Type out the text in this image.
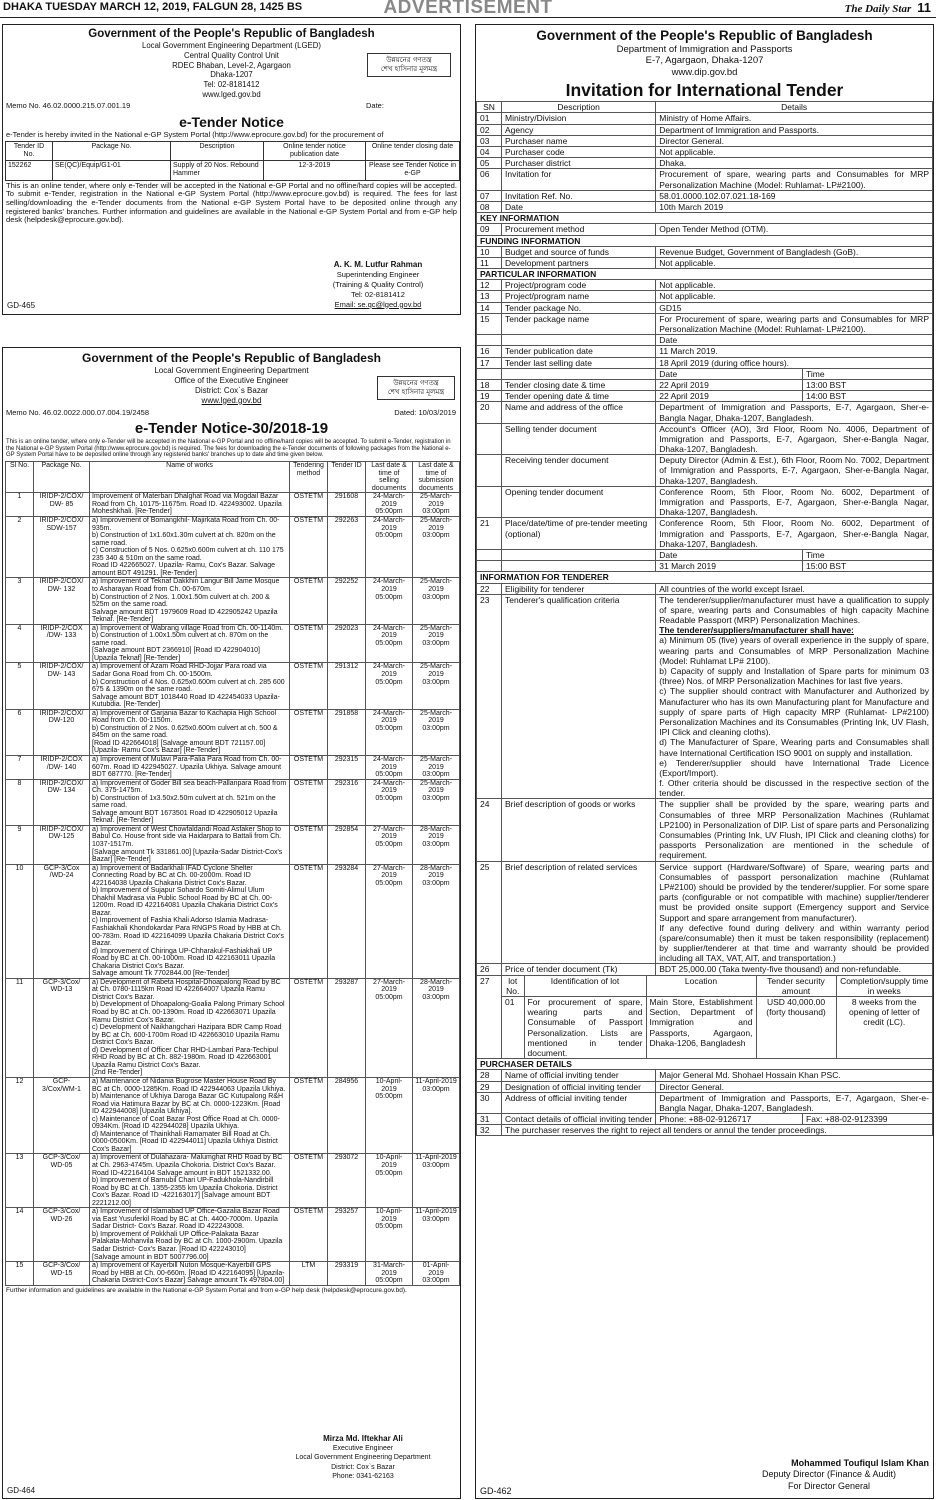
DHAKA TUESDAY MARCH 12, 2019, FALGUN 28, 1425 BS	ADVERTISEMENT	The Daily Star 11
Government of the People's Republic of Bangladesh
Local Government Engineering Department (LGED)
Central Quality Control Unit
RDEC Bhaban, Level-2, Agargaon
Dhaka-1207
Tel: 02-8181412
www.lged.gov.bd
উন্নয়নের গণতন্ত্র
শেখ হাসিনার মূলমন্ত্র
Memo No. 46.02.0000.215.07.001.19	Date:
e-Tender Notice
e-Tender is hereby invited in the National e-GP System Portal (http://www.eprocure.gov.bd) for the procurement of
Tender ID No.	Package No.	Description	Online tender notice publication date	Online tender closing date
152262	SE(QC)/Equip/G1-01	Supply of 20 Nos. Rebound Hammer	12-3-2019	Please see Tender Notice in e-GP
This is an online tender, where only e-Tender will be accepted in the National e-GP Portal and no offline/hard copies will be accepted. To submit e-Tender, registration in the National e-GP System Portal (http://www.eprocure.gov.bd) is required. The fees for last selling/downloading the e-Tender documents from the National e-GP System Portal have to be deposited online through any registered banks' branches. Further information and guidelines are available in the National e-GP System Portal and from e-GP help desk (helpdesk@eprocure.gov.bd).
A. K. M. Lutfur Rahman
Superintending Engineer
(Training & Quality Control)
Tel: 02-8181412
Email: se.qc@lged.gov.bd
GD-465
Government of the People's Republic of Bangladesh
Local Government Engineering Department
Office of the Executive Engineer
District: Cox`s Bazar
www.lged.gov.bd
উন্নয়নের গণতন্ত্র
শেখ হাসিনার মূলমন্ত্র
Memo No. 46.02.0022.000.07.004.19/2458	Dated: 10/03/2019
e-Tender Notice-30/2018-19
This is an online tender, where only e-Tender will be accepted in the National e-GP Portal and no offline/hard copies will be accepted. To submit e-Tender, registration in the National e-GP System Portal (http://www.eprocure.gov.bd) is required. The fees for downloading the e-Tender documents of following packages from the National e-GP System Portal have to be deposited online through any registered banks' branches up to date and time given below.
Sl No.	Package No.	Name of works	Tendering method	Tender ID	Last date & time of selling documents	Last date & time of submission documents
1	IRIDP-2/COX/ DW- 85	Improvement of Materbari Dhalghat Road via Mogdail Bazar Road from Ch. 10175-11675m. Road ID. 422493002. Upazila Moheshkhali. [Re-Tender]	OSTETM	291608	24-March-2019 05:00pm	25-March-2019 03:00pm
2	IRIDP-2/COX/ SDW-157	a) Improvement of Bomangkhil- Majirkata Road from Ch. 00-935m.
b) Construction of 1x1.60x1.30m culvert at ch. 820m on the same road.
c) Construction of 5 Nos. 0.625x0.600m culvert at ch. 110 175 235 340 & 510m on the same road.
Road ID 422665027. Upazila- Ramu, Cox's Bazar. Salvage amount BDT 491291. [Re-Tender]	OSTETM	292263	24-March-2019 05:00pm	25-March-2019 03:00pm
3	IRIDP-2/COX/ DW- 132	a) Improvement of Teknaf Dakkhin Langur Bill Jame Mosque to Asharayan Road from Ch. 00-670m.
b) Construction of 2 Nos. 1.00x1.50m culvert at ch. 200 & 525m on the same road.
Salvage amount BDT 1979609 Road ID 422905242 Upazila Teknaf. [Re-Tender]	OSTETM	292252	24-March-2019 05:00pm	25-March-2019 03:00pm
4	IRIDP-2/COX /DW- 133	a) Improvement of Wabrang village Road from Ch. 00-1140m.
b) Construction of 1.00x1.50m culvert at ch. 870m on the same road.
[Salvage amount BDT 2366910] [Road ID 422904010] [Upazila Teknaf] [Re-Tender]	OSTETM	292023	24-March-2019 05:00pm	25-March-2019 03:00pm
5	IRIDP-2/COX/ DW- 143	a) Improvement of Azam Road RHD-Jojjar Para road via Sadar Gona Road from Ch. 00-1500m.
b) Construction of 4 Nos. 0.625x0.600m culvert at ch. 285 600 675 & 1390m on the same road.
Salvage amount BDT 1018440 Road ID 422454033 Upazila-Kutubdia. [Re-Tender]	OSTETM	291312	24-March-2019 05:00pm	25-March-2019 03:00pm
6	IRIDP-2/COX/ DW-120	a) Improvement of Garjania Bazar to Kachapia High School Road from Ch. 00-1150m.
b) Construction of 2 Nos. 0.625x0.600m culvert at ch. 500 & 845m on the same road.
[Road ID 422664018] [Salvage amount BDT 721157.00] [Upazila- Ramu Cox's Bazar] [Re-Tender]	OSTETM	291858	24-March-2019 05:00pm	25-March-2019 03:00pm
7	IRIDP-2/COX /DW- 140	a) Improvement of Mulavi Para-Falia Para Road from Ch. 00-607m. Road ID 422945027. Upazila Ukhiya. Salvage amount BDT 687770. [Re-Tender]	OSTETM	292315	24-March-2019 05:00pm	25-March-2019 03:00pm
8	IRIDP-2/COX/ DW- 134	a) Improvement of Goder Bill sea beach-Pallanpara Road from Ch. 375-1475m.
b) Construction of 1x3.50x2.50m culvert at ch. 521m on the same road.
Salvage amount BDT 1673501 Road ID 422905012 Upazila Teknaf. [Re-Tender]	OSTETM	292316	24-March-2019 05:00pm	25-March-2019 03:00pm
9	IRIDP-2/COX/ DW-125	a) Improvement of West Chowfaldandi Road Asfaker Shop to Babul Co. House front side via Haidarpara to Battali from Ch. 1037-1517m.
[Salvage amount Tk 331861.00] [Upazila-Sadar District-Cox's Bazar] [Re-Tender]	OSTETM	292854	27-March-2019 05:00pm	28-March-2019 03:00pm
10	GCP-3/Cox /WD-24	a) Improvement of Badarkhali IFAD Cyclone Shelter Connecting Road by BC at Ch. 00-2000m. Road ID 422164038 Upazila Chakaria District Cox's Bazar.
b) Improvement of Sujapur Sohardo Somiti-Alimul Ulum Dhakhil Madrasa via Public School Road by BC at Ch. 00-1200m. Road ID 422164081 Upazila Chakaria District Cox's Bazar.
c) Improvement of Fashia Khali Adorso Islamia Madrasa-Fashiakhali Khondokardar Para RNGPS Road by HBB at Ch. 00-783m. Road ID 422164099 Upazila Chakaria District Cox's Bazar.
d) Improvement of Chiringa UP-Chharakul-Fashiakhali UP Road by BC at Ch. 00-1000m. Road ID 422163011 Upazila Chakaria District Cox's Bazar.
Salvage amount Tk 7702844.00 [Re-Tender]	OSTETM	293284	27-March-2019 05:00pm	28-March-2019 03:00pm
11	GCP-3/Cox/ WD-13	a) Development of Rabeta Hospital-Dhoapalong Road by BC at Ch. 0780-1115km Road ID 422664007 Upazila Ramu District Cox's Bazar.
b) Development of Dhoapalong-Goalia Palong Primary School Road by BC at Ch. 00-1390m. Road ID 422663071 Upazila Ramu District Cox's Bazar.
c) Development of Naikhangchari Hazipara BDR Camp Road by BC at Ch. 600-1700m Road ID 422663010 Upazila Ramu District Cox's Bazar.
d) Development of Officer Char RHD-Lambari Para-Techipul RHD Road by BC at Ch. 882-1980m. Road ID 422663001 Upazila Ramu District Cox's Bazar.
[2nd Re-Tender]	OSTETM	293287	27-March-2019 05:00pm	28-March-2019 03:00pm
12	GCP-3/Cox/WM-1	a) Maintenance of Nidania Bugrose Master House Road By BC at Ch. 0000-1285Km. Road ID 422944063 Upazila Ukhiya.
b) Maintenance of Ukhiya Daroga Bazar GC Kutupalong R&H Road via Hatimura Bazar by BC at Ch. 0000-1223Km. [Road ID 422944008] [Upazila Ukhiya].
c) Maintenance of Coat Bazar Post Office Road at Ch. 0000-0934Km. [Road ID 422944028] Upazila Ukhiya.
d) Maintenance of Thainkhali Ramamater Bill Road at Ch. 0000-0500Km. [Road ID 422944011] Upazila Ukhiya District Cox's Bazar]	OSTETM	284956	10-April-2019 05:00pm	11-April-2019 03:00pm
13	GCP-3/Cox/ WD-05	a) Improvement of Dulahazara- Malumghat RHD Road by BC at Ch. 2963-4745m. Upazila Chokoria. District Cox's Bazar. Road ID-422164104 Salvage amount in BDT 1521332.00.
b) Improvement of Barnubil Chari UP-Fadukhola-Nandirbill Road by BC at Ch. 1355-2355 km Upazila Chokoria. District Cox's Bazar. Road ID -422163017] [Salvage amount BDT 2221212.00]	OSTETM	293072	10-April-2019 05:00pm	11-April-2019 03:00pm
14	GCP-3/Cox/ WD-26	a) Improvement of Islamabad UP Office-Gazalia Bazar Road via East Yusuferkil Road by BC at Ch. 4400-7000m. Upazila Sadar District- Cox's Bazar. Road ID 422243008.
b) Improvement of Pokkhali UP Office-Palakata Bazar Palakata-Mohanvila Road by BC at Ch. 1000-2900m. Upazila Sadar District- Cox's Bazar. [Road ID 422243010]
[Salvage amount in BDT 5007796.00]	OSTETM	293257	10-April-2019 05:00pm	11-April-2019 03:00pm
15	GCP-3/Cox/ WD-15	a) Improvement of Kayerbill Nuton Mosque-Kayerbill GPS Road by HBB at Ch. 00-660m. [Road ID 422164095] [Upazila-Chakaria District-Cox's Bazar] Salvage amount Tk 497804.00]	LTM	293319	31-March-2019 05:00pm	01-April-2019 03:00pm
Further information and guidelines are available in the National e-GP System Portal and from e-GP help desk (helpdesk@eprocure.gov.bd).
Mirza Md. Iftekhar Ali
Executive Engineer
Local Government Engineering Department
District: Cox`s Bazar
Phone: 0341-62163
GD-464
Government of the People's Republic of Bangladesh
Department of Immigration and Passports
E-7, Agargaon, Dhaka-1207
www.dip.gov.bd
Invitation for International Tender
SN	Description	Details
01	Ministry/Division	Ministry of Home Affairs.

02	Agency	Department of Immigration and Passports.

03	Purchaser name	Director General.

04	Purchaser code	Not applicable.

05	Purchaser district	Dhaka.

06	Invitation for	Procurement of spare, wearing parts and Consumables for MRP Personalization Machine (Model: Ruhlamat- LP#2100).

07	Invitation Ref. No.	58.01.0000.102.07.021.18-169

08	Date	10th March 2019

KEY INFORMATION
09	Procurement method	Open Tender Method (OTM).

FUNDING INFORMATION
10	Budget and source of funds	Revenue Budget, Government of Bangladesh (GoB).

11	Development partners	Not applicable.

PARTICULAR INFORMATION
12	Project/program code	Not applicable.

13	Project/program name	Not applicable.

14	Tender package No.	GD15

15	Tender package name	For Procurement of spare, wearing parts and Consumables for MRP Personalization Machine (Model: Ruhlamat- LP#2100).

Date

16	Tender publication date	11 March 2019.

17	Tender last selling date	18 April 2019 (during office hours).

		Date	Time
18	Tender closing date & time	22 April 2019	13:00 BST
19	Tender opening date & time	22 April 2019	14:00 BST
20	Name and address of the office	Department of Immigration and Passports, E-7, Agargaon, Sher-e-Bangla Nagar, Dhaka-1207, Bangladesh.

	Selling tender document	Account's Officer (AO), 3rd Floor, Room No. 4006, Department of Immigration and Passports, E-7, Agargaon, Sher-e-Bangla Nagar, Dhaka-1207, Bangladesh.

	Receiving tender document	Deputy Director (Admin & Est.), 6th Floor, Room No. 7002, Department of Immigration and Passports, E-7, Agargaon, Sher-e-Bangla Nagar, Dhaka-1207, Bangladesh.

	Opening tender document	Conference Room, 5th Floor, Room No. 6002, Department of Immigration and Passports, E-7, Agargaon, Sher-e-Bangla Nagar, Dhaka-1207, Bangladesh.

21	Place/date/time of pre-tender meeting (optional)	
Conference Room, 5th Floor, Room No. 6002, Department of Immigration and Passports, E-7, Agargaon, Sher-e-Bangla Nagar, Dhaka-1207, Bangladesh.

		Date	Time
		31 March 2019	15:00 BST
INFORMATION FOR TENDERER
22	Eligibility for tenderer	All countries of the world except Israel.

23	Tenderer's qualification criteria	The tenderer/supplier/manufacturer must have a qualification to supply of spare, wearing parts and Consumables of high capacity Machine Readable Passport (MRP) Personalization Machines.
The tenderer/suppliers/manufacturer shall have:
a) Minimum 05 (five) years of overall experience in the supply of spare, wearing parts and Consumables of MRP Personalization Machine (Model: Ruhlamat LP# 2100).
b) Capacity of supply and Installation of Spare parts for minimum 03 (three) Nos. of MRP Personalization Machines for last five years.
c) The supplier should contract with Manufacturer and Authorized by Manufacturer who has its own Manufacturing plant for Manufacture and supply of spare parts of High capacity MRP (Ruhlamat- LP#2100) Personalization Machines and its Consumables (Printing Ink, UV Flash, IPI Click and cleaning cloths).
d) The Manufacturer of Spare, Wearing parts and Consumables shall have International Certification ISO 9001 on supply and installation.
e) Tenderer/supplier should have International Trade Licence (Export/Import).
f. Other criteria should be discussed in the respective section of the tender.

24	Brief description of goods or works	The supplier shall be provided by the spare, wearing parts and Consumables of three MRP Personalization Machines (Ruhlamat LP2100) in Personalization of DIP. List of spare parts and Personalizing Consumables (Printing Ink, UV Flush, IPI Click and cleaning cloths) for passports Personalization are mentioned in the schedule of requirement.

25	Brief description of related services	Service support (Hardware/Software) of Spare, wearing parts and Consumables of passport personalization machine (Ruhlamat LP#2100) should be provided by the tenderer/supplier. For some spare parts (configurable or not compatible with machine) supplier/tenderer must be provided onsite support (Emergency support and Service Support and spare arrangement from manufacturer).
If any defective found during delivery and within warranty period (spare/consumable) then it must be taken responsibility (replacement) by supplier/tenderer at that time and warranty should be provided including all TAX, VAT, AIT, and transportation.)

26	Price of tender document (Tk)	BDT 25,000.00 (Taka twenty-five thousand) and non-refundable.

27	lot No.	Identification of lot	Location	Tender security amount	Completion/supply time in weeks
01	For procurement of spare, wearing parts and Consumable of Passport Personalization. Lists are mentioned in tender document.	Main Store, Establishment Section, Department of Immigration and Passports, Agargaon, Dhaka-1206, Bangladesh	USD 40,000.00 (forty thousand)	8 weeks from the opening of letter of credit (LC).

PURCHASER DETAILS
28	Name of official inviting tender	Major General Md. Shohael Hossain Khan PSC.
29	Designation of official inviting tender	Director General.
30	Address of official inviting tender	Department of Immigration and Passports, E-7, Agargaon, Sher-e-Bangla Nagar, Dhaka-1207, Bangladesh.
31	Contact details of official inviting tender	Phone: +88-02-9126717	Fax: +88-02-9123399
32	The purchaser reserves the right to reject all tenders or annul the tender proceedings.
Mohammed Toufiqul Islam Khan
Deputy Director (Finance & Audit)
For Director General
GD-462
